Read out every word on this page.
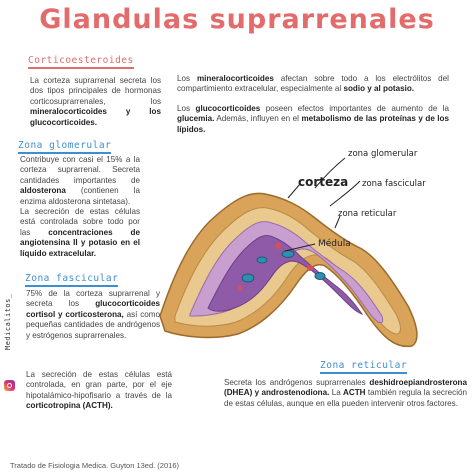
Glandulas suprarrenales
Corticoesteroides
La corteza suprarrenal secreta los dos tipos principales de hormonas corticosuprarrenales, los mineralocorticoides y los glucocorticoides.
Los mineralocorticoides afectan sobre todo a los electrólitos del compartimiento extracelular, especialmente al sodio y al potasio.
Los glucocorticoides poseen efectos importantes de aumento de la glucemia. Además, influyen en el metabolismo de las proteínas y de los lípidos.
Zona glomerular
Contribuye con casi el 15% a la corteza suprarrenal. Secreta cantidades importantes de aldosterona (contienen la enzima aldosterona sintetasa).
La secreción de estas células está controlada sobre todo por las concentraciones de angiotensina II y potasio en el líquido extracelular.
Zona fascicular
75% de la corteza suprarrenal y secreta los glucocorticoides cortisol y corticosterona, así como pequeñas cantidades de andrógenos y estrógenos suprarrenales.
La secreción de estas células está controlada, en gran parte, por el eje hipotalámico-hipofisario a través de la corticotropina (ACTH).
Zona reticular
Secreta los andrógenos suprarrenales deshidroepiandrosterona (DHEA) y androstenodiona. La ACTH también regula la secreción de estas células, aunque en ella pueden intervenir otros factores.
zona glomerular
corteza zona fascicular
zona reticular
Médula
Medicalitos_
Tratado de Fisiologia Medica. Guyton 13ed. (2016)
